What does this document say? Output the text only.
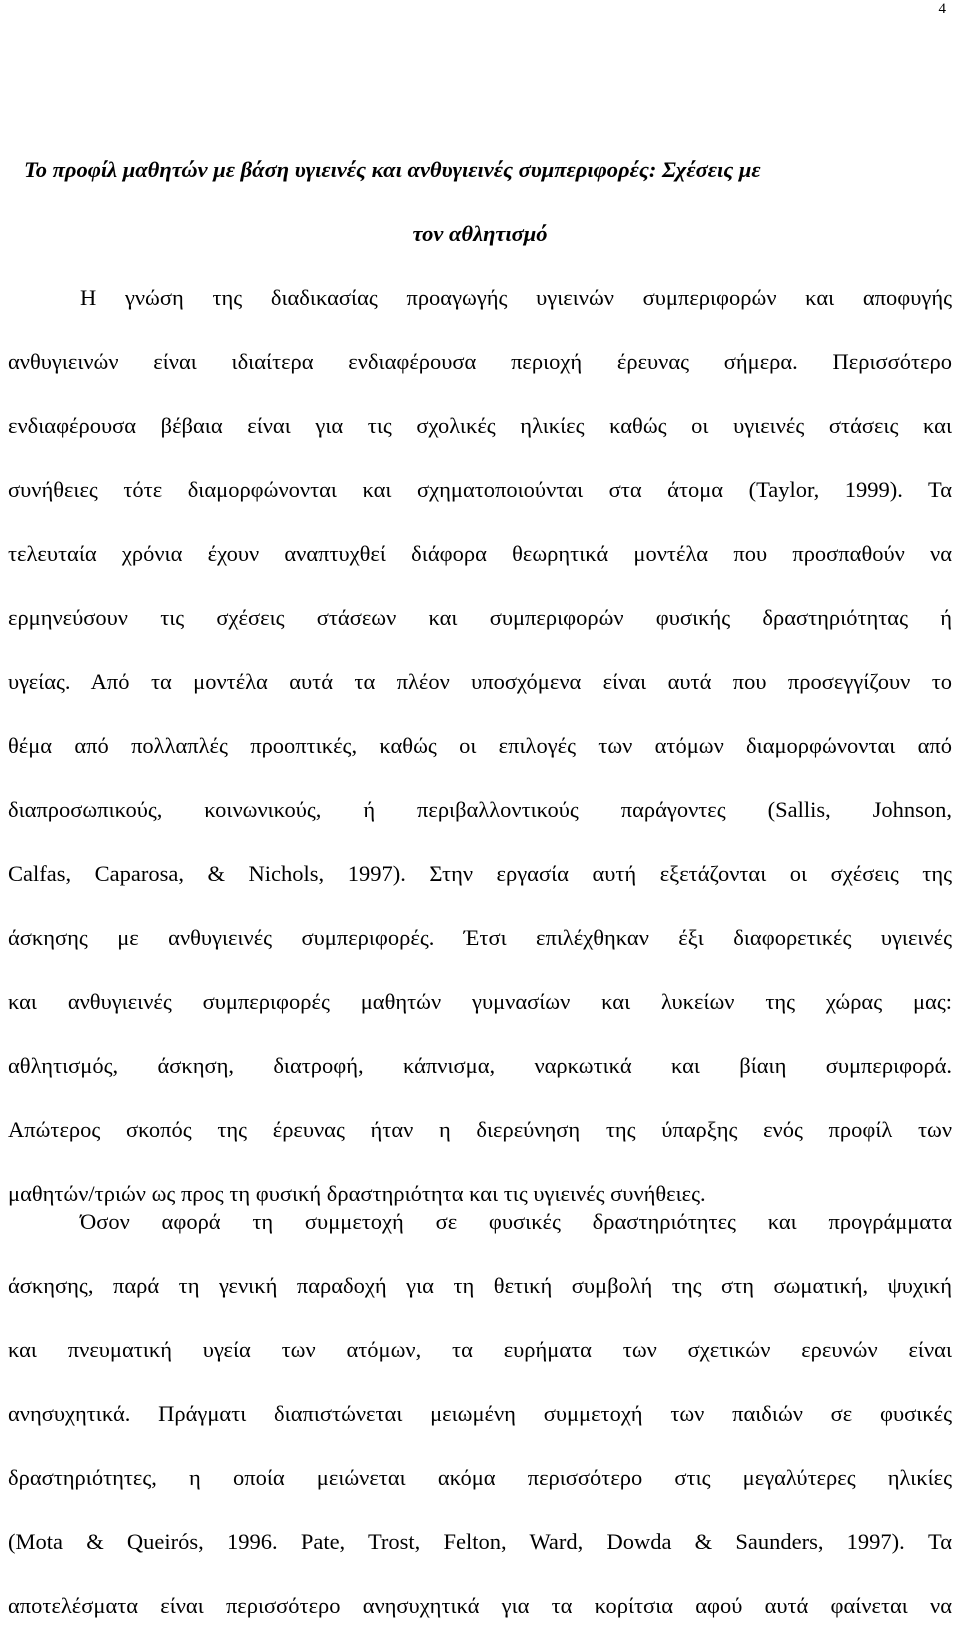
4
Το προφίλ μαθητών με βάση υγιεινές και ανθυγιεινές συμπεριφορές: Σχέσεις με
τον αθλητισμό
Η γνώση της διαδικασίας προαγωγής υγιεινών συμπεριφορών και αποφυγής
ανθυγιεινών είναι ιδιαίτερα ενδιαφέρουσα περιοχή έρευνας σήμερα. Περισσότερο
ενδιαφέρουσα βέβαια είναι για τις σχολικές ηλικίες καθώς οι υγιεινές στάσεις και
συνήθειες τότε διαμορφώνονται και σχηματοποιούνται στα άτομα (Taylor, 1999). Τα
τελευταία χρόνια έχουν αναπτυχθεί διάφορα θεωρητικά μοντέλα που προσπαθούν να
ερμηνεύσουν τις σχέσεις στάσεων και συμπεριφορών φυσικής δραστηριότητας ή
υγείας. Από τα μοντέλα αυτά τα πλέον υποσχόμενα είναι αυτά που προσεγγίζουν το
θέμα από πολλαπλές προοπτικές, καθώς οι επιλογές των ατόμων διαμορφώνονται από
διαπροσωπικούς, κοινωνικούς, ή περιβαλλοντικούς παράγοντες (Sallis, Johnson,
Calfas, Caparosa, & Nichols, 1997). Στην εργασία αυτή εξετάζονται οι σχέσεις της
άσκησης με ανθυγιεινές συμπεριφορές. Έτσι επιλέχθηκαν έξι διαφορετικές υγιεινές
και ανθυγιεινές συμπεριφορές μαθητών γυμνασίων και λυκείων της χώρας μας:
αθλητισμός, άσκηση, διατροφή, κάπνισμα, ναρκωτικά και βίαιη συμπεριφορά.
Απώτερος σκοπός της έρευνας ήταν η διερεύνηση της ύπαρξης ενός προφίλ των
μαθητών/τριών ως προς τη φυσική δραστηριότητα και τις υγιεινές συνήθειες.
Όσον αφορά τη συμμετοχή σε φυσικές δραστηριότητες και προγράμματα
άσκησης, παρά τη γενική παραδοχή για τη θετική συμβολή της στη σωματική, ψυχική
και πνευματική υγεία των ατόμων, τα ευρήματα των σχετικών ερευνών είναι
ανησυχητικά. Πράγματι διαπιστώνεται μειωμένη συμμετοχή των παιδιών σε φυσικές
δραστηριότητες, η οποία μειώνεται ακόμα περισσότερο στις μεγαλύτερες ηλικίες
(Mota & Queirós, 1996. Pate, Trost, Felton, Ward, Dowda & Saunders, 1997). Τα
αποτελέσματα είναι περισσότερο ανησυχητικά για τα κορίτσια αφού αυτά φαίνεται να
